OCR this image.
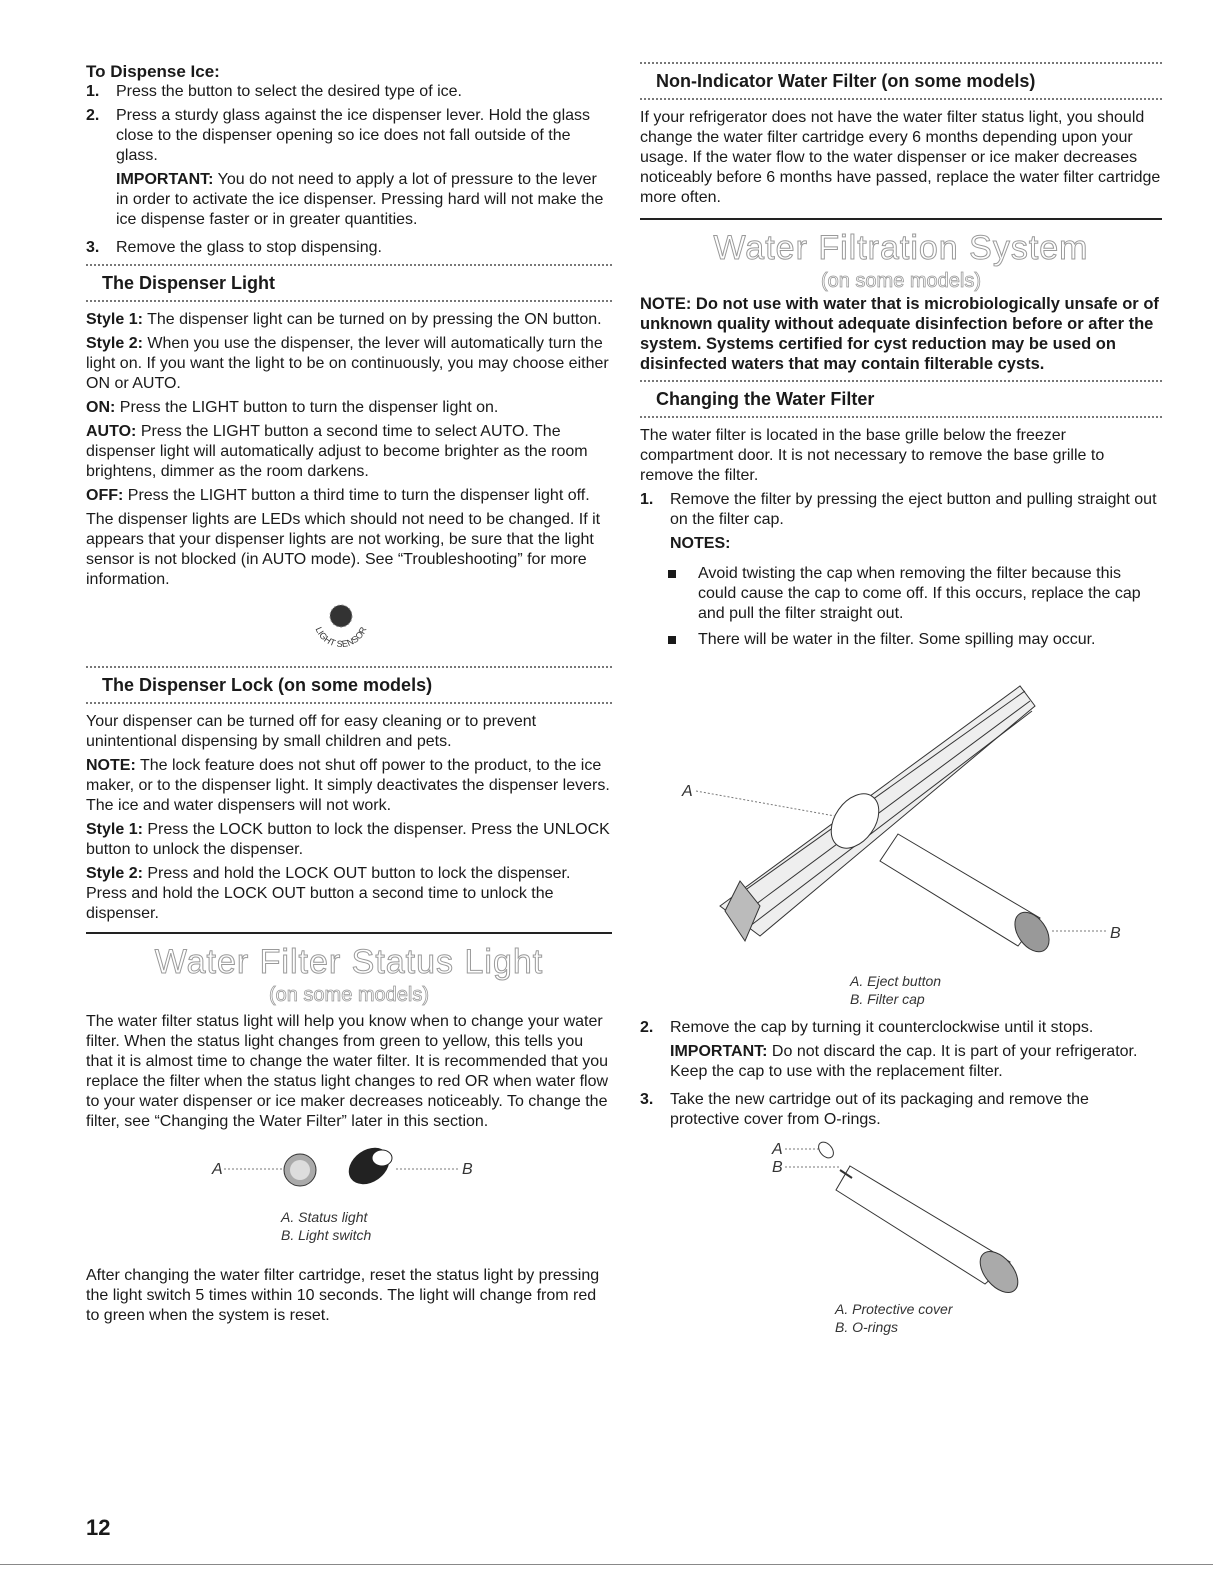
To Dispense Ice:
1.	Press the button to select the desired type of ice.
2.	Press a sturdy glass against the ice dispenser lever. Hold the glass close to the dispenser opening so ice does not fall outside of the glass.

IMPORTANT: You do not need to apply a lot of pressure to the lever in order to activate the ice dispenser. Pressing hard will not make the ice dispense faster or in greater quantities.

3.	Remove the glass to stop dispensing.
The Dispenser Light

Style 1: The dispenser light can be turned on by pressing the ON button.

Style 2: When you use the dispenser, the lever will automatically turn the light on. If you want the light to be on continuously, you may choose either ON or AUTO.

ON: Press the LIGHT button to turn the dispenser light on.

AUTO: Press the LIGHT button a second time to select AUTO. The dispenser light will automatically adjust to become brighter as the room brightens, dimmer as the room darkens.

OFF: Press the LIGHT button a third time to turn the dispenser light off.

The dispenser lights are LEDs which should not need to be changed. If it appears that your dispenser lights are not working, be sure that the light sensor is not blocked (in AUTO mode). See “Troubleshooting” for more information.

LIGHT SENSOR
The Dispenser Lock (on some models)

Your dispenser can be turned off for easy cleaning or to prevent unintentional dispensing by small children and pets.

NOTE: The lock feature does not shut off power to the product, to the ice maker, or to the dispenser light. It simply deactivates the dispenser levers. The ice and water dispensers will not work.

Style 1: Press the LOCK button to lock the dispenser. Press the UNLOCK button to unlock the dispenser.

Style 2: Press and hold the LOCK OUT button to lock the dispenser. Press and hold the LOCK OUT button a second time to unlock the dispenser.

Water Filter Status Light
(on some models)

The water filter status light will help you know when to change your water filter. When the status light changes from green to yellow, this tells you that it is almost time to change the water filter. It is recommended that you replace the filter when the status light changes to red OR when water flow to your water dispenser or ice maker decreases noticeably. To change the filter, see “Changing the Water Filter” later in this section.

A	B
A. Status light
B. Light switch

After changing the water filter cartridge, reset the status light by pressing the light switch 5 times within 10 seconds. The light will change from red to green when the system is reset.

12
Non-Indicator Water Filter (on some models)

If your refrigerator does not have the water filter status light, you should change the water filter cartridge every 6 months depending upon your usage. If the water flow to the water dispenser or ice maker decreases noticeably before 6 months have passed, replace the water filter cartridge more often.

Water Filtration System
(on some models)

NOTE: Do not use with water that is microbiologically unsafe or of unknown quality without adequate disinfection before or after the system. Systems certified for cyst reduction may be used on disinfected waters that may contain filterable cysts.

Changing the Water Filter

The water filter is located in the base grille below the freezer compartment door. It is not necessary to remove the base grille to remove the filter.

1.	Remove the filter by pressing the eject button and pulling straight out on the filter cap.

NOTES:

Avoid twisting the cap when removing the filter because this could cause the cap to come off. If this occurs, replace the cap and pull the filter straight out.
There will be water in the filter. Some spilling may occur.
A
B
A. Eject button
B. Filter cap
2.	Remove the cap by turning it counterclockwise until it stops.

IMPORTANT: Do not discard the cap. It is part of your refrigerator. Keep the cap to use with the replacement filter.

3.	Take the new cartridge out of its packaging and remove the protective cover from O-rings.
A
B
A. Protective cover
B. O-rings
